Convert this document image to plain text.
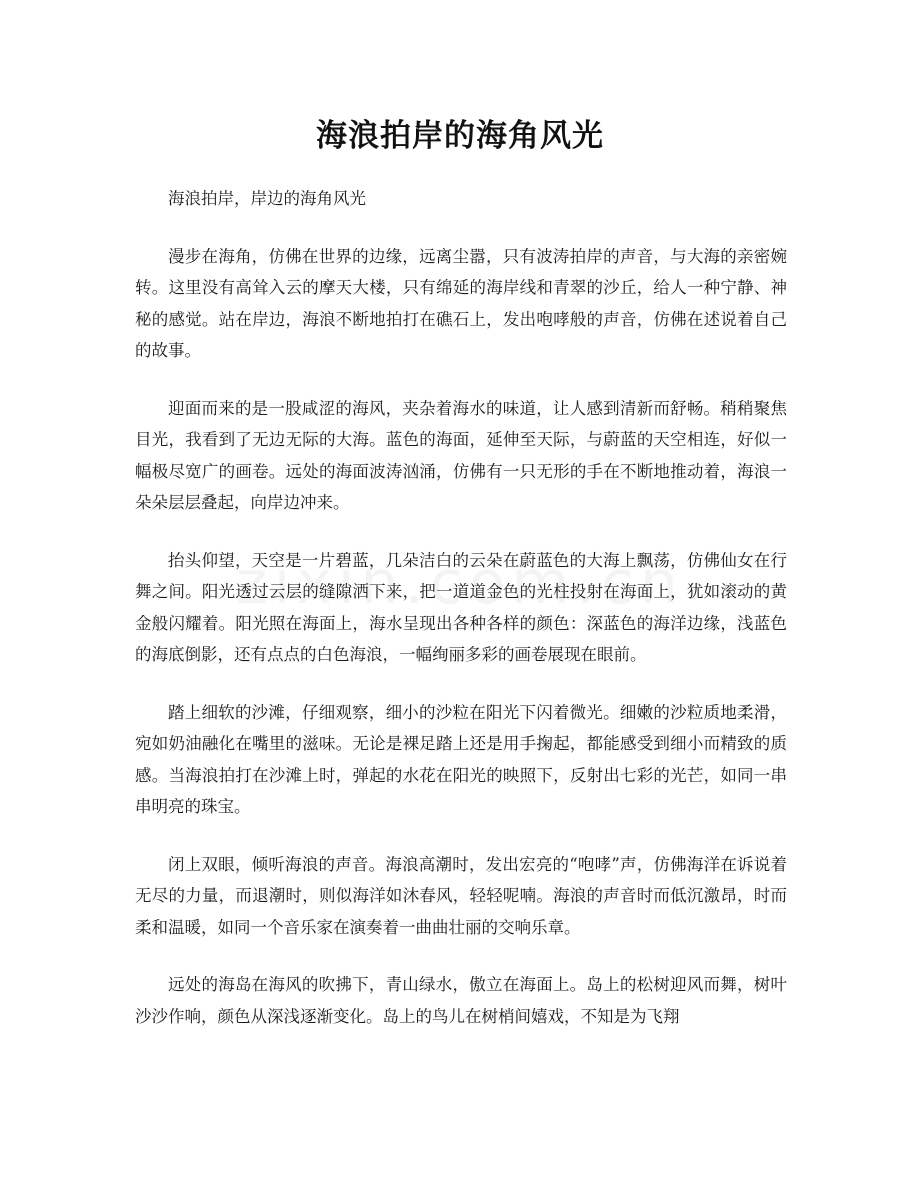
海浪拍岸的海角风光

海浪拍岸，岸边的海角风光

漫步在海角，仿佛在世界的边缘，远离尘嚣，只有波涛拍岸的声音，与大海的亲密婉转。这里没有高耸入云的摩天大楼，只有绵延的海岸线和青翠的沙丘，给人一种宁静、神秘的感觉。站在岸边，海浪不断地拍打在礁石上，发出咆哮般的声音，仿佛在述说着自己的故事。

迎面而来的是一股咸涩的海风，夹杂着海水的味道，让人感到清新而舒畅。稍稍聚焦目光，我看到了无边无际的大海。蓝色的海面，延伸至天际，与蔚蓝的天空相连，好似一幅极尽宽广的画卷。远处的海面波涛汹涌，仿佛有一只无形的手在不断地推动着，海浪一朵朵层层叠起，向岸边冲来。

抬头仰望，天空是一片碧蓝，几朵洁白的云朵在蔚蓝色的大海上飘荡，仿佛仙女在行舞之间。阳光透过云层的缝隙洒下来，把一道道金色的光柱投射在海面上，犹如滚动的黄金般闪耀着。阳光照在海面上，海水呈现出各种各样的颜色：深蓝色的海洋边缘，浅蓝色的海底倒影，还有点点的白色海浪，一幅绚丽多彩的画卷展现在眼前。

踏上细软的沙滩，仔细观察，细小的沙粒在阳光下闪着微光。细嫩的沙粒质地柔滑，宛如奶油融化在嘴里的滋味。无论是裸足踏上还是用手掬起，都能感受到细小而精致的质感。当海浪拍打在沙滩上时，弹起的水花在阳光的映照下，反射出七彩的光芒，如同一串串明亮的珠宝。

闭上双眼，倾听海浪的声音。海浪高潮时，发出宏亮的“咆哮”声，仿佛海洋在诉说着无尽的力量，而退潮时，则似海洋如沐春风，轻轻呢喃。海浪的声音时而低沉激昂，时而柔和温暖，如同一个音乐家在演奏着一曲曲壮丽的交响乐章。

远处的海岛在海风的吹拂下，青山绿水，傲立在海面上。岛上的松树迎风而舞，树叶沙沙作响，颜色从深浅逐渐变化。岛上的鸟儿在树梢间嬉戏，不知是为飞翔
